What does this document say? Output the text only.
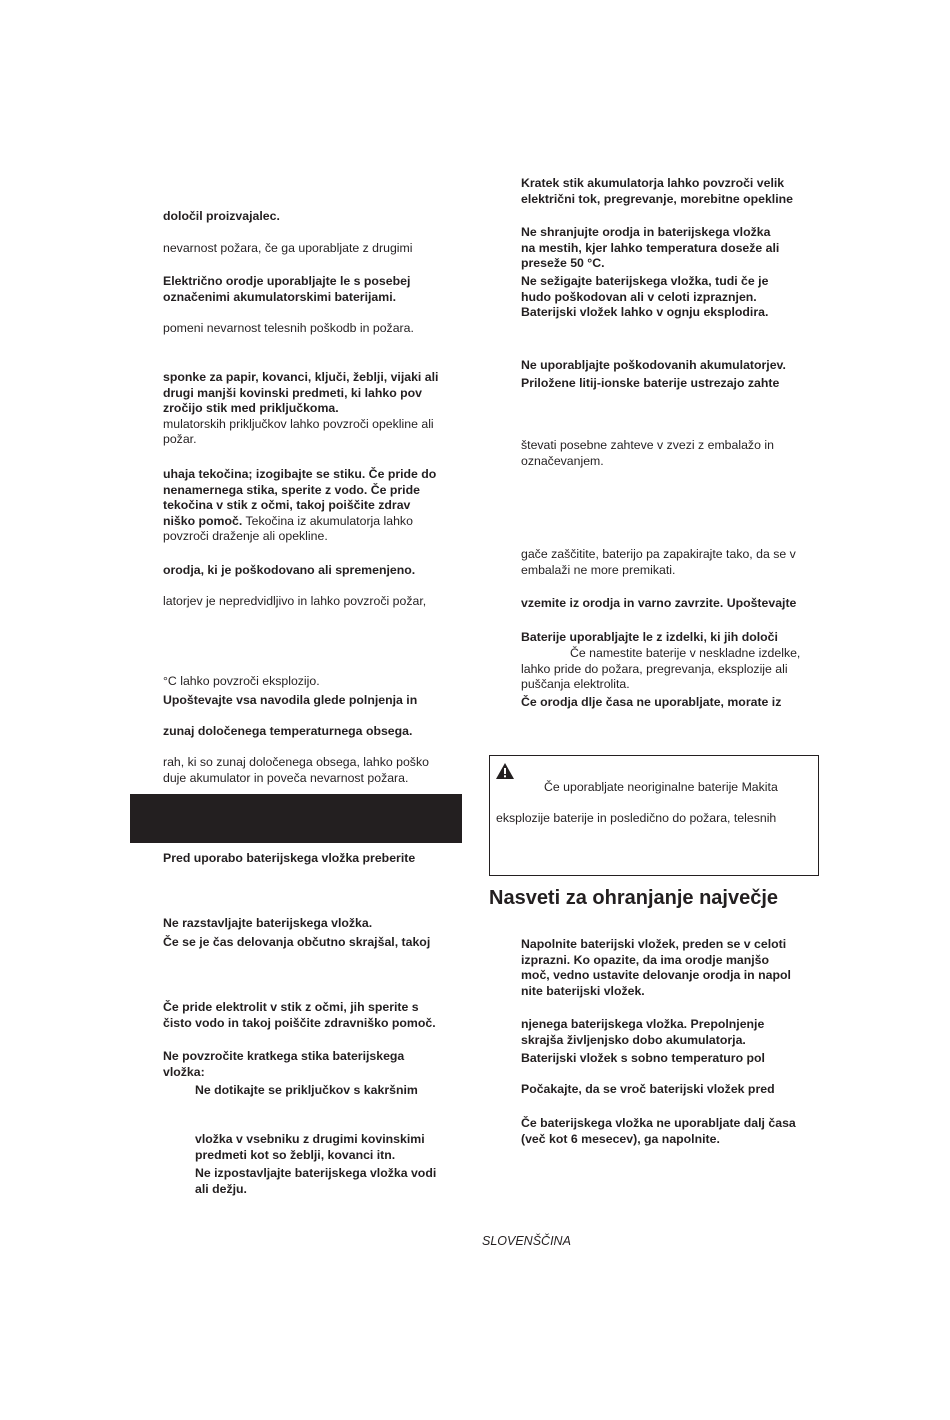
določil proizvajalec.
nevarnost požara, če ga uporabljate z drugimi
Električno orodje uporabljajte le s posebej
označenimi akumulatorskimi baterijami.
pomeni nevarnost telesnih poškodb in požara.
sponke za papir, kovanci, ključi, žeblji, vijaki ali
drugi manjši kovinski predmeti, ki lahko pov
zročijo stik med priključkoma.
mulatorskih priključkov lahko povzroči opekline ali
požar.
uhaja tekočina; izogibajte se stiku. Če pride do
nenamernega stika, sperite z vodo. Če pride
tekočina v stik z očmi, takoj poiščite zdrav
niško pomoč. Tekočina iz akumulatorja lahko
povzroči draženje ali opekline.
orodja, ki je poškodovano ali spremenjeno.
latorjev je nepredvidljivo in lahko povzroči požar,
°C lahko povzroči eksplozijo.
Upoštevajte vsa navodila glede polnjenja in
zunaj določenega temperaturnega obsega.
rah, ki so zunaj določenega obsega, lahko poško
duje akumulator in poveča nevarnost požara.
Pred uporabo baterijskega vložka preberite
Ne razstavljajte baterijskega vložka.
Če se je čas delovanja občutno skrajšal, takoj
Če pride elektrolit v stik z očmi, jih sperite s
čisto vodo in takoj poiščite zdravniško pomoč.
Ne povzročite kratkega stika baterijskega
vložka:
Ne dotikajte se priključkov s kakršnim
vložka v vsebniku z drugimi kovinskimi
predmeti kot so žeblji, kovanci itn.
Ne izpostavljajte baterijskega vložka vodi
ali dežju.
Kratek stik akumulatorja lahko povzroči velik
električni tok, pregrevanje, morebitne opekline
Ne shranjujte orodja in baterijskega vložka
na mestih, kjer lahko temperatura doseže ali
preseže 50 °C.
Ne sežigajte baterijskega vložka, tudi če je
hudo poškodovan ali v celoti izpraznjen.
Baterijski vložek lahko v ognju eksplodira.
Ne uporabljajte poškodovanih akumulatorjev.
Priložene litij-ionske baterije ustrezajo zahte
števati posebne zahteve v zvezi z embalažo in
označevanjem.
gače zaščitite, baterijo pa zapakirajte tako, da se v
embalaži ne more premikati.
vzemite iz orodja in varno zavrzite. Upoštevajte
Baterije uporabljajte le z izdelki, ki jih določi
Če namestite baterije v neskladne izdelke,
lahko pride do požara, pregrevanja, eksplozije ali
puščanja elektrolita.
Če orodja dlje časa ne uporabljate, morate iz
Če uporabljate neoriginalne baterije Makita
eksplozije baterije in posledično do požara, telesnih
Nasveti za ohranjanje največje
Napolnite baterijski vložek, preden se v celoti
izprazni. Ko opazite, da ima orodje manjšo
moč, vedno ustavite delovanje orodja in napol
nite baterijski vložek.
njenega baterijskega vložka. Prepolnjenje
skrajša življenjsko dobo akumulatorja.
Baterijski vložek s sobno temperaturo pol
Počakajte, da se vroč baterijski vložek pred
Če baterijskega vložka ne uporabljate dalj časa
(več kot 6 mesecev), ga napolnite.
SLOVENŠČINA
